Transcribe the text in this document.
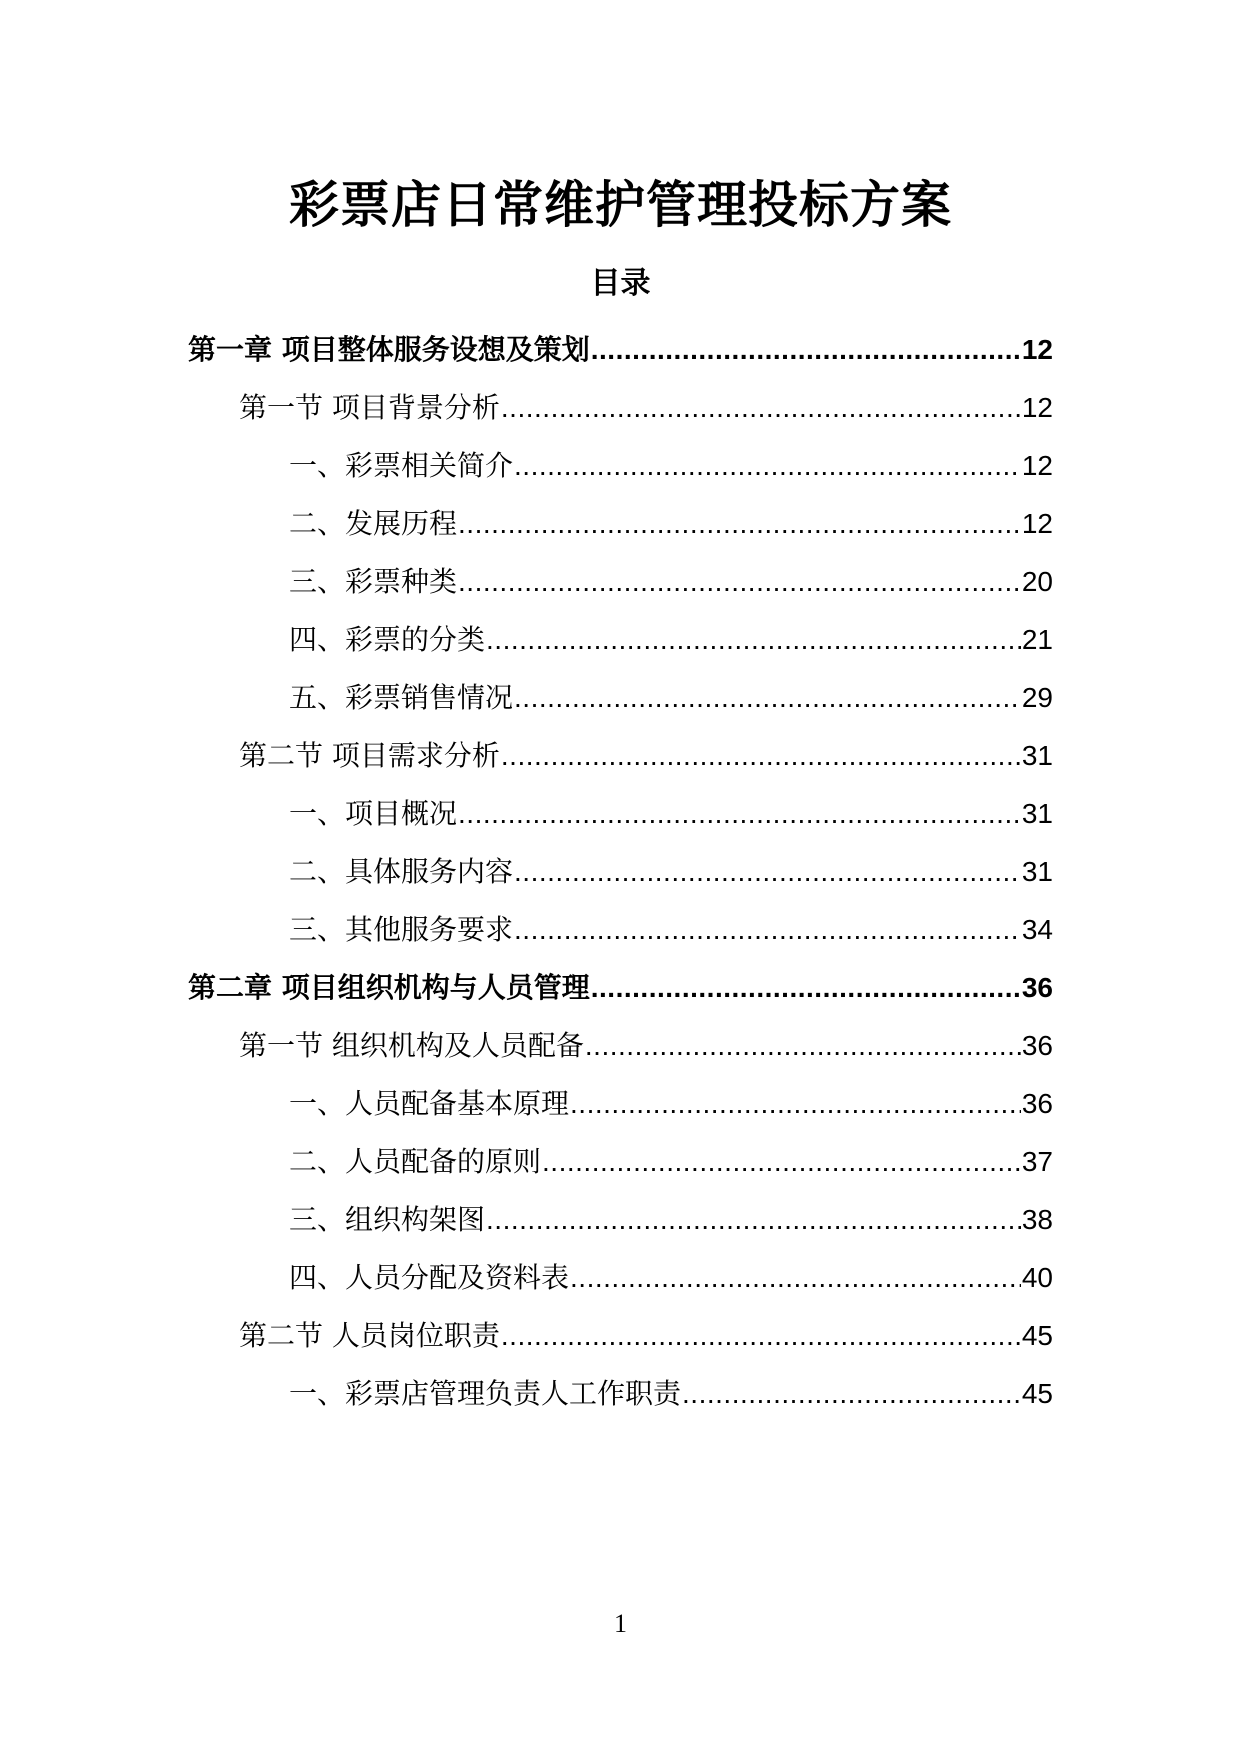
彩票店日常维护管理投标方案
目录
第一章 项目整体服务设想及策划 .....	12
第一节 项目背景分析 .....	12
一、彩票相关简介 .....	12
二、发展历程 .....	12
三、彩票种类 .....	20
四、彩票的分类 .....	21
五、彩票销售情况 .....	29
第二节 项目需求分析 .....	31
一、项目概况 .....	31
二、具体服务内容 .....	31
三、其他服务要求 .....	34
第二章 项目组织机构与人员管理 .....	36
第一节 组织机构及人员配备 .....	36
一、人员配备基本原理 .....	36
二、人员配备的原则 .....	37
三、组织构架图 .....	38
四、人员分配及资料表 .....	40
第二节 人员岗位职责 .....	45
一、彩票店管理负责人工作职责 .....	45
1
